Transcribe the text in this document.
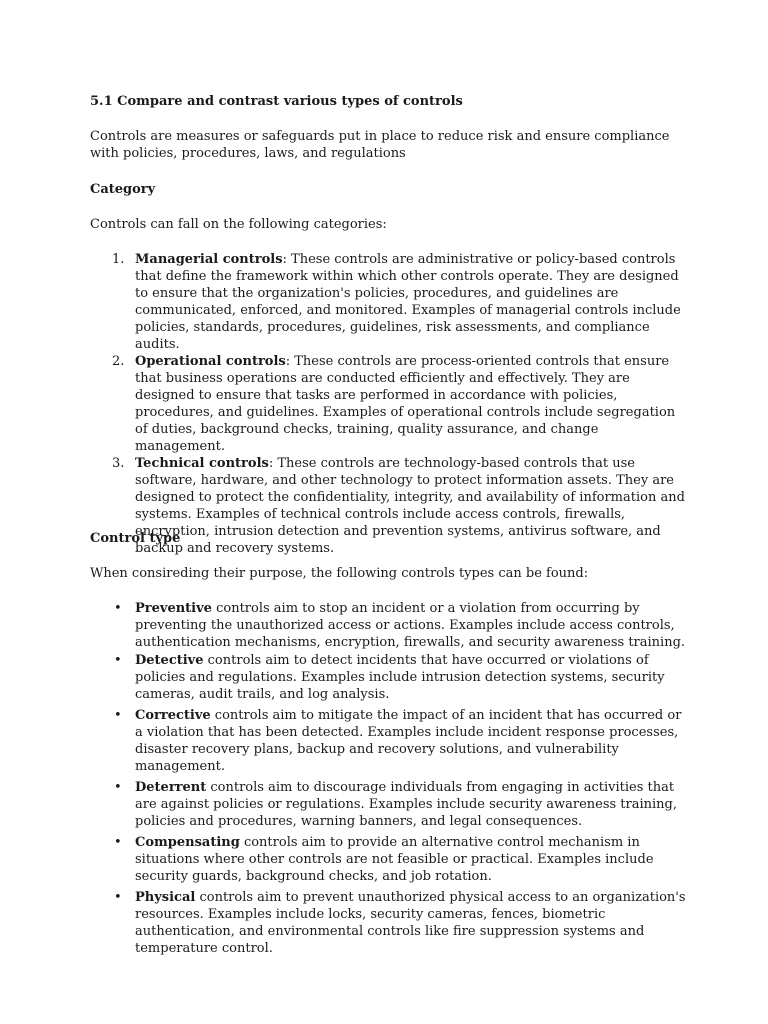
5.1 Compare and contrast various types of controls
Controls are measures or safeguards put in place to reduce risk and ensure compliance with policies, procedures, laws, and regulations
Category
Controls can fall on the following categories:
1. Managerial controls: These controls are administrative or policy-based controls that define the framework within which other controls operate. They are designed to ensure that the organization's policies, procedures, and guidelines are communicated, enforced, and monitored. Examples of managerial controls include policies, standards, procedures, guidelines, risk assessments, and compliance audits.
2. Operational controls: These controls are process-oriented controls that ensure that business operations are conducted efficiently and effectively. They are designed to ensure that tasks are performed in accordance with policies, procedures, and guidelines. Examples of operational controls include segregation of duties, background checks, training, quality assurance, and change management.
3. Technical controls: These controls are technology-based controls that use software, hardware, and other technology to protect information assets. They are designed to protect the confidentiality, integrity, and availability of information and systems. Examples of technical controls include access controls, firewalls, encryption, intrusion detection and prevention systems, antivirus software, and backup and recovery systems.
Control type
When consireding their purpose, the following controls types can be found:
• Preventive controls aim to stop an incident or a violation from occurring by preventing the unauthorized access or actions. Examples include access controls, authentication mechanisms, encryption, firewalls, and security awareness training.
• Detective controls aim to detect incidents that have occurred or violations of policies and regulations. Examples include intrusion detection systems, security cameras, audit trails, and log analysis.
• Corrective controls aim to mitigate the impact of an incident that has occurred or a violation that has been detected. Examples include incident response processes, disaster recovery plans, backup and recovery solutions, and vulnerability management.
• Deterrent controls aim to discourage individuals from engaging in activities that are against policies or regulations. Examples include security awareness training, policies and procedures, warning banners, and legal consequences.
• Compensating controls aim to provide an alternative control mechanism in situations where other controls are not feasible or practical. Examples include security guards, background checks, and job rotation.
• Physical controls aim to prevent unauthorized physical access to an organization's resources. Examples include locks, security cameras, fences, biometric authentication, and environmental controls like fire suppression systems and temperature control.
